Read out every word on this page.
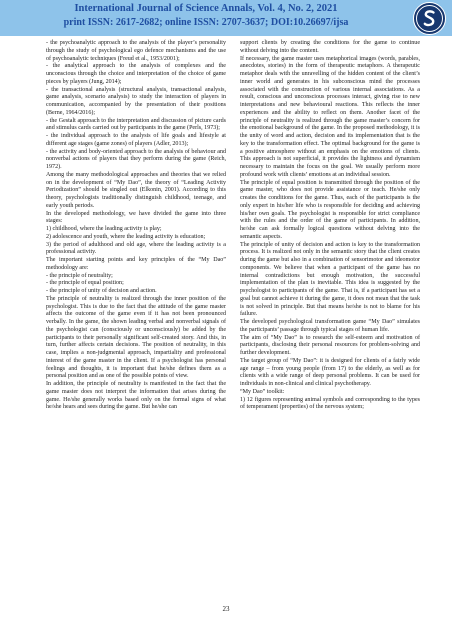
International Journal of Science Annals, Vol. 4, No. 2, 2021
print ISSN: 2617-2682; online ISSN: 2707-3637; DOI:10.26697/ijsa

- the psychoanalytic approach to the analysis of the player’s personality through the study of psychological ego defence mechanisms and the use of psychoanalytic techniques (Freud et al., 1953/2001);

- the analytical approach to the analysis of complexes and the unconscious through the choice and interpretation of the choice of game pieces by players (Jung, 2014);

- the transactional analysis (structural analysis, transactional analysis, game analysis, scenario analysis) to study the interaction of players in communication, accompanied by the presentation of their positions (Berne, 1964/2016);

- the Gestalt approach to the interpretation and discussion of picture cards and stimulus cards carried out by participants in the game (Perls, 1973);

- the individual approach to the analysis of life goals and lifestyle at different age stages (game zones) of players (Adler, 2013);

- the activity and body-oriented approach to the analysis of behaviour and nonverbal actions of players that they perform during the game (Reich, 1972).

Among the many methodological approaches and theories that we relied on in the development of “My Dao”, the theory of “Leading Activity Periodization” should be singled out (Elkonin, 2001). According to this theory, psychologists traditionally distinguish childhood, teenage, and early youth periods.

In the developed methodology, we have divided the game into three stages:

1) childhood, where the leading activity is play;

2) adolescence and youth, where the leading activity is education;

3) the period of adulthood and old age, where the leading activity is a professional activity.

The important starting points and key principles of the “My Dao” methodology are:

- the principle of neutrality;

- the principle of equal position;

- the principle of unity of decision and action.

The principle of neutrality is realized through the inner position of the psychologist. This is due to the fact that the attitude of the game master affects the outcome of the game even if it has not been pronounced verbally. In the game, the shown leading verbal and nonverbal signals of the psychologist can (consciously or unconsciously) be added by the participants to their personally significant self-created story. And this, in turn, further affects certain decisions. The position of neutrality, in this case, implies a non-judgmental approach, impartiality and professional interest of the game master in the client. If a psychologist has personal feelings and thoughts, it is important that he/she defines them as a personal position and as one of the possible points of view.

In addition, the principle of neutrality is manifested in the fact that the game master does not interpret the information that arises during the game. He/she generally works based only on the formal signs of what he/she hears and sees during the game. But he/she can

support clients by creating the conditions for the game to continue without delving into the content.

If necessary, the game master uses metaphorical images (words, parables, anecdotes, stories) in the form of therapeutic metaphors. A therapeutic metaphor deals with the unravelling of the hidden content of the client’s inner world and generates in his subconscious mind the processes associated with the construction of various internal associations. As a result, conscious and unconscious processes interact, giving rise to new interpretations and new behavioural reactions. This reflects the inner experiences and the ability to reflect on them. Another facet of the principle of neutrality is realized through the game master’s concern for the emotional background of the game. In the proposed methodology, it is the unity of word and action, decision and its implementation that is the key to the transformation effect. The optimal background for the game is a positive atmosphere without an emphasis on the emotions of clients. This approach is not superficial, it provides the lightness and dynamism necessary to maintain the focus on the goal. We usually perform more profound work with clients’ emotions at an individual session.

The principle of equal position is transmitted through the position of the game master, who does not provide assistance or teach. He/she only creates the conditions for the game. Thus, each of the participants is the only expert in his/her life who is responsible for deciding and achieving his/her own goals. The psychologist is responsible for strict compliance with the rules and the order of the game of participants. In addition, he/she can ask formally logical questions without delving into the semantic aspects.

The principle of unity of decision and action is key to the transformation process. It is realized not only in the semantic story that the client creates during the game but also in a combination of sensorimotor and ideomotor components. We believe that when a participant of the game has no internal contradictions but enough motivation, the successful implementation of the plan is inevitable. This idea is suggested by the psychologist to participants of the game. That is, if a participant has set a goal but cannot achieve it during the game, it does not mean that the task is not solved in principle. But that means he/she is not to blame for his failure.

The developed psychological transformation game “My Dao” simulates the participants’ passage through typical stages of human life.

The aim of “My Dao” is to research the self-esteem and motivation of participants, disclosing their personal resources for problem-solving and further development.

The target group of “My Dao”: it is designed for clients of a fairly wide age range – from young people (from 17) to the elderly, as well as for clients with a wide range of deep personal problems. It can be used for individuals in non-clinical and clinical psychotherapy.

“My Dao” toolkit:

1) 12 figures representing animal symbols and corresponding to the types of temperament (properties) of the nervous system;

23
